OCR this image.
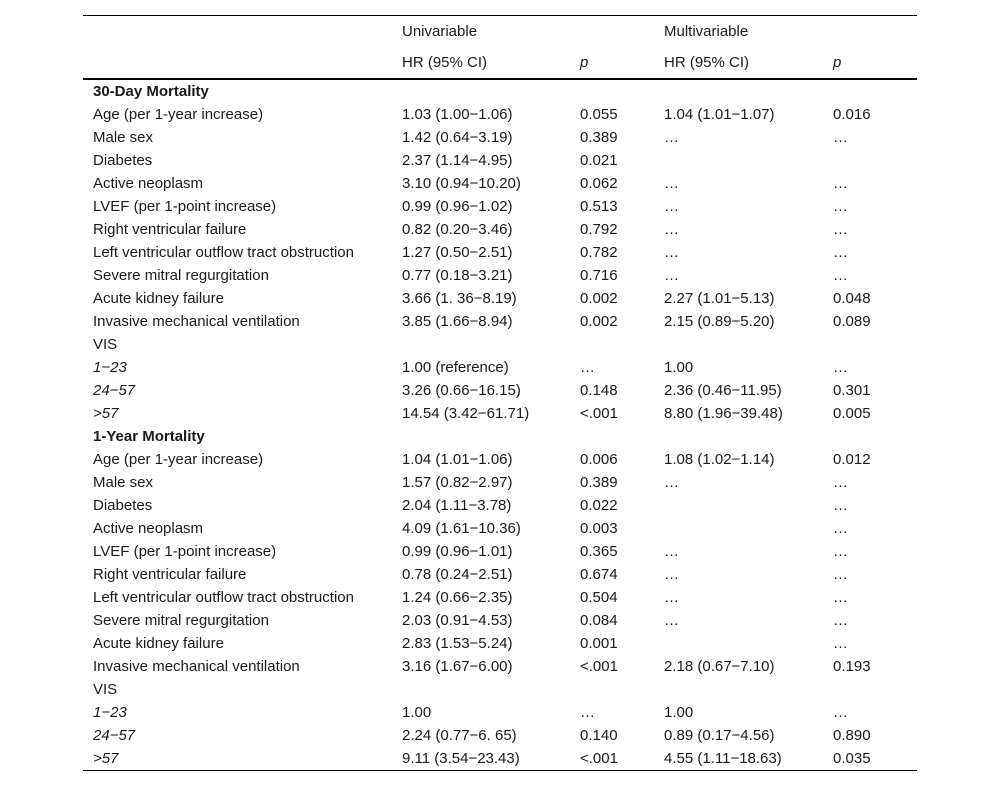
	Univariable		Multivariable	
	HR (95% CI)	p	HR (95% CI)	p
30-Day Mortality				
Age (per 1-year increase)	1.03 (1.00−1.06)	0.055	1.04 (1.01−1.07)	0.016
Male sex	1.42 (0.64−3.19)	0.389	…	…
Diabetes	2.37 (1.14−4.95)	0.021		
Active neoplasm	3.10 (0.94−10.20)	0.062	…	…
LVEF (per 1-point increase)	0.99 (0.96−1.02)	0.513	…	…
Right ventricular failure	0.82 (0.20−3.46)	0.792	…	…
Left ventricular outflow tract obstruction	1.27 (0.50−2.51)	0.782	…	…
Severe mitral regurgitation	0.77 (0.18−3.21)	0.716	…	…
Acute kidney failure	3.66 (1. 36−8.19)	0.002	2.27 (1.01−5.13)	0.048
Invasive mechanical ventilation	3.85 (1.66−8.94)	0.002	2.15 (0.89−5.20)	0.089
VIS				
1−23	1.00 (reference)	…	1.00	…
24−57	3.26 (0.66−16.15)	0.148	2.36 (0.46−11.95)	0.301
>57	14.54 (3.42−61.71)	<.001	8.80 (1.96−39.48)	0.005
1-Year Mortality				
Age (per 1-year increase)	1.04 (1.01−1.06)	0.006	1.08 (1.02−1.14)	0.012
Male sex	1.57 (0.82−2.97)	0.389	…	…
Diabetes	2.04 (1.11−3.78)	0.022		…
Active neoplasm	4.09 (1.61−10.36)	0.003		…
LVEF (per 1-point increase)	0.99 (0.96−1.01)	0.365	…	…
Right ventricular failure	0.78 (0.24−2.51)	0.674	…	…
Left ventricular outflow tract obstruction	1.24 (0.66−2.35)	0.504	…	…
Severe mitral regurgitation	2.03 (0.91−4.53)	0.084	…	…
Acute kidney failure	2.83 (1.53−5.24)	0.001		…
Invasive mechanical ventilation	3.16 (1.67−6.00)	<.001	2.18 (0.67−7.10)	0.193
VIS				
1−23	1.00	…	1.00	…
24−57	2.24 (0.77−6. 65)	0.140	0.89 (0.17−4.56)	0.890
>57	9.11 (3.54−23.43)	<.001	4.55 (1.11−18.63)	0.035
